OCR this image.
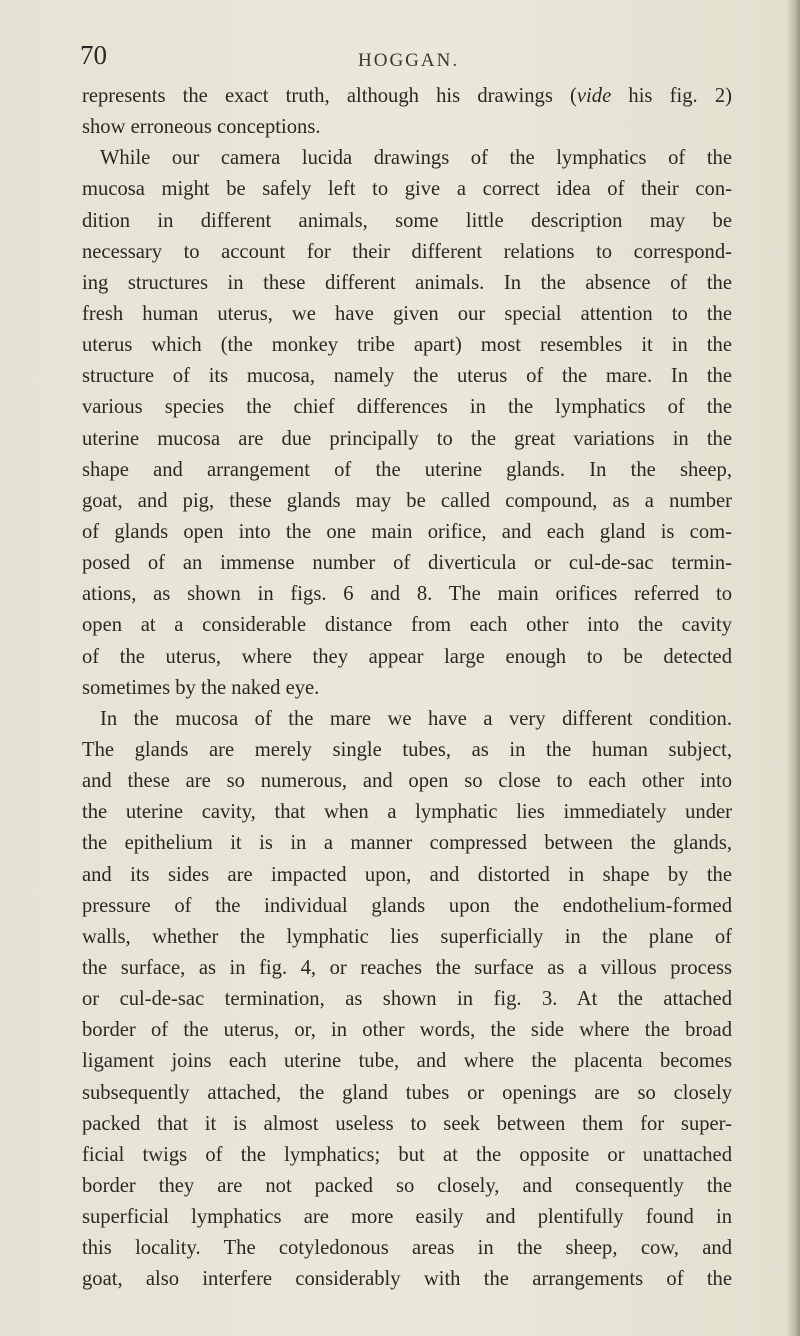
70	HOGGAN.
represents the exact truth, although his drawings (vide his fig. 2)
show erroneous conceptions.
While our camera lucida drawings of the lymphatics of the
mucosa might be safely left to give a correct idea of their con-
dition in different animals, some little description may be
necessary to account for their different relations to correspond-
ing structures in these different animals. In the absence of the
fresh human uterus, we have given our special attention to the
uterus which (the monkey tribe apart) most resembles it in the
structure of its mucosa, namely the uterus of the mare. In the
various species the chief differences in the lymphatics of the
uterine mucosa are due principally to the great variations in the
shape and arrangement of the uterine glands. In the sheep,
goat, and pig, these glands may be called compound, as a number
of glands open into the one main orifice, and each gland is com-
posed of an immense number of diverticula or cul-de-sac termin-
ations, as shown in figs. 6 and 8. The main orifices referred to
open at a considerable distance from each other into the cavity
of the uterus, where they appear large enough to be detected
sometimes by the naked eye.
In the mucosa of the mare we have a very different condition.
The glands are merely single tubes, as in the human subject,
and these are so numerous, and open so close to each other into
the uterine cavity, that when a lymphatic lies immediately under
the epithelium it is in a manner compressed between the glands,
and its sides are impacted upon, and distorted in shape by the
pressure of the individual glands upon the endothelium-formed
walls, whether the lymphatic lies superficially in the plane of
the surface, as in fig. 4, or reaches the surface as a villous process
or cul-de-sac termination, as shown in fig. 3. At the attached
border of the uterus, or, in other words, the side where the broad
ligament joins each uterine tube, and where the placenta becomes
subsequently attached, the gland tubes or openings are so closely
packed that it is almost useless to seek between them for super-
ficial twigs of the lymphatics; but at the opposite or unattached
border they are not packed so closely, and consequently the
superficial lymphatics are more easily and plentifully found in
this locality. The cotyledonous areas in the sheep, cow, and
goat, also interfere considerably with the arrangements of the
